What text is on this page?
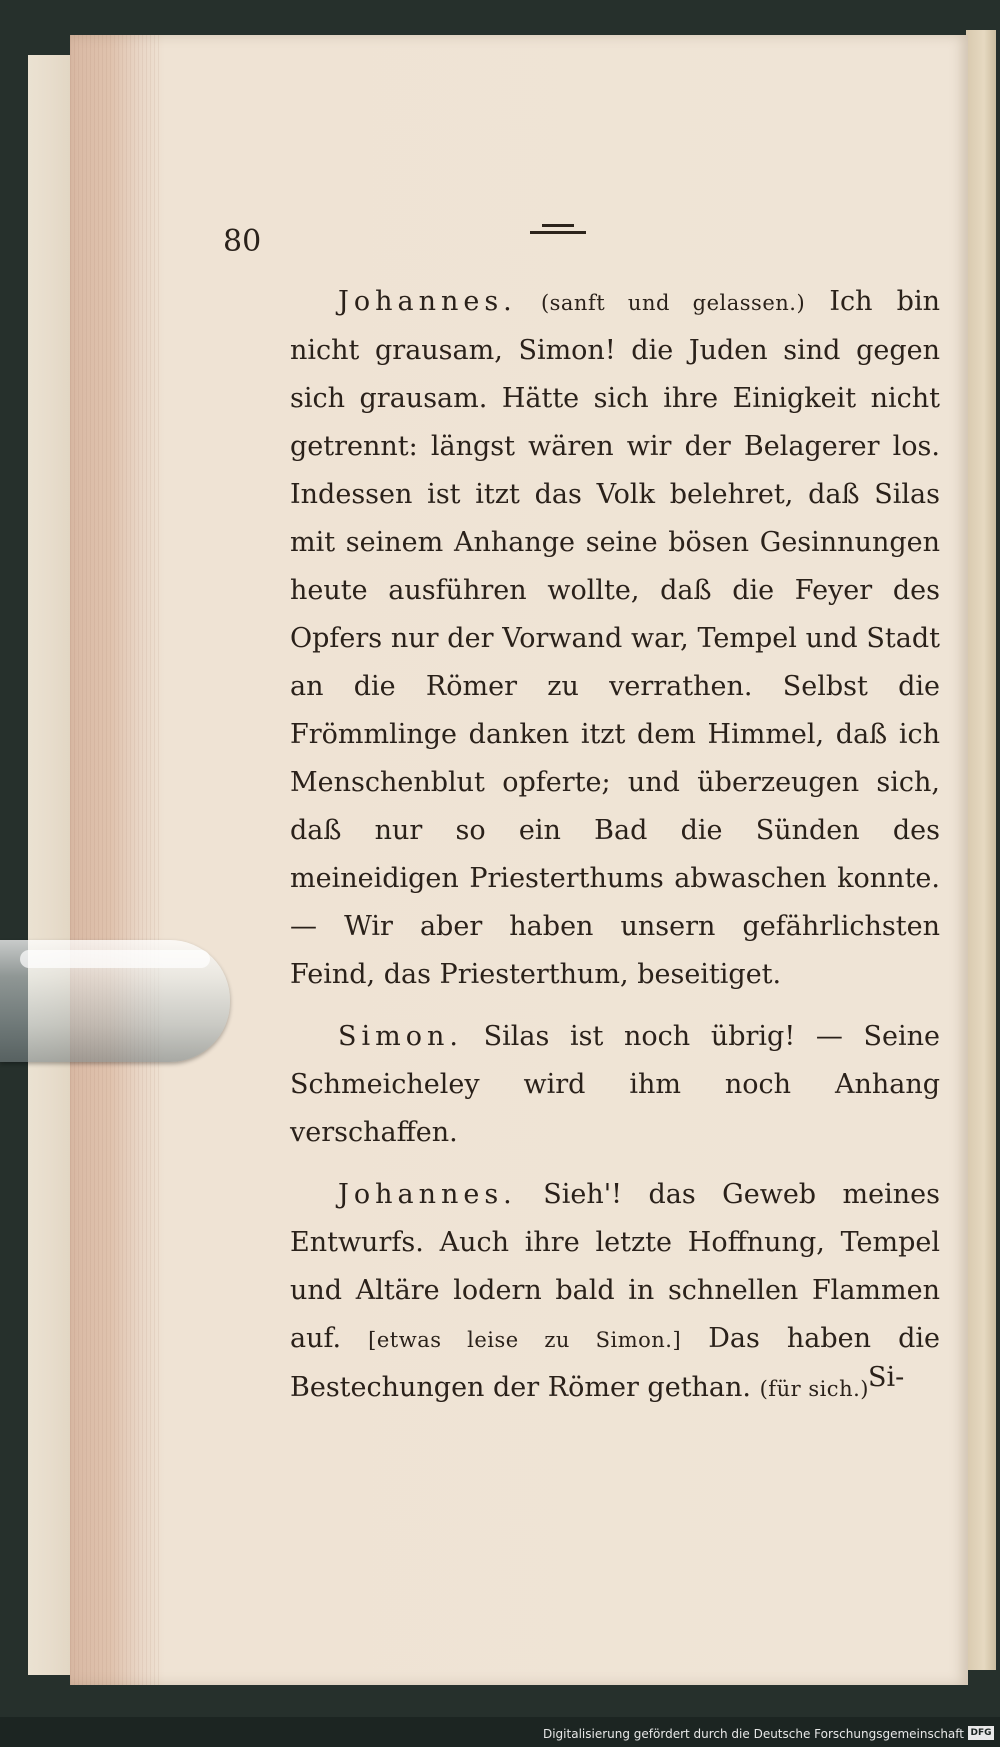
80

Johannes. (sanft und gelassen.) Ich bin nicht grausam, Simon! die Juden sind gegen sich grausam. Hätte sich ihre Einigkeit nicht getrennt: längst wären wir der Belagerer los. Indessen ist itzt das Volk belehret, daß Silas mit seinem Anhange seine bösen Gesinnungen heute ausführen wollte, daß die Feyer des Opfers nur der Vorwand war, Tempel und Stadt an die Römer zu verrathen. Selbst die Frömmlinge danken itzt dem Himmel, daß ich Menschenblut opferte; und überzeugen sich, daß nur so ein Bad die Sünden des meineidigen Priesterthums abwaschen konnte. — Wir aber haben unsern gefährlichsten Feind, das Priesterthum, beseitiget.

Simon. Silas ist noch übrig! — Seine Schmeicheley wird ihm noch Anhang verschaffen.

Johannes. Sieh'! das Geweb meines Entwurfs. Auch ihre letzte Hoffnung, Tempel und Altäre lodern bald in schnellen Flammen auf. [etwas leise zu Simon.] Das haben die Bestechungen der Römer gethan. (für sich.) Si‐
Digitalisierung gefördert durch die Deutsche Forschungsgemeinschaft DFG
